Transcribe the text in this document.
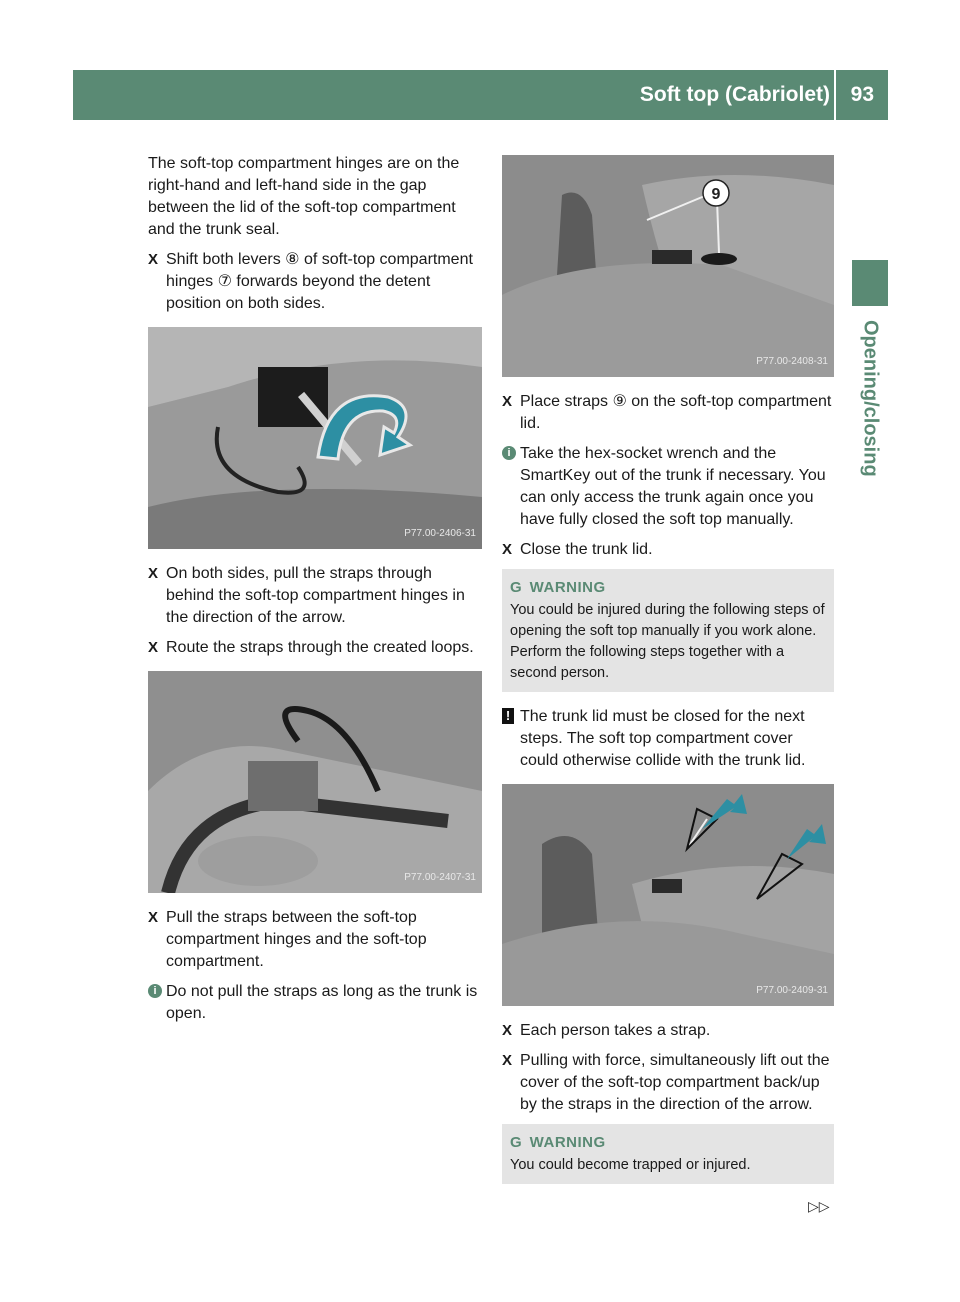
Soft top (Cabriolet) 93
Opening/closing

The soft-top compartment hinges are on the right-hand and left-hand side in the gap between the lid of the soft-top compartment and the trunk seal.

X Shift both levers ⑧ of soft-top compartment hinges ⑦ forwards beyond the detent position on both sides.
P77.00-2406-31
X On both sides, pull the straps through behind the soft-top compartment hinges in the direction of the arrow.
X Route the straps through the created loops.
P77.00-2407-31
X Pull the straps between the soft-top compartment hinges and the soft-top compartment.
i Do not pull the straps as long as the trunk is open.
9
P77.00-2408-31
X Place straps ⑨ on the soft-top compartment lid.
i Take the hex-socket wrench and the SmartKey out of the trunk if necessary. You can only access the trunk again once you have fully closed the soft top manually.
X Close the trunk lid.
G WARNING
You could be injured during the following steps of opening the soft top manually if you work alone. Perform the following steps together with a second person.
! The trunk lid must be closed for the next steps. The soft top compartment cover could otherwise collide with the trunk lid.
P77.00-2409-31
X Each person takes a strap.
X Pulling with force, simultaneously lift out the cover of the soft-top compartment back/up by the straps in the direction of the arrow.
G WARNING
You could become trapped or injured.
▷▷
